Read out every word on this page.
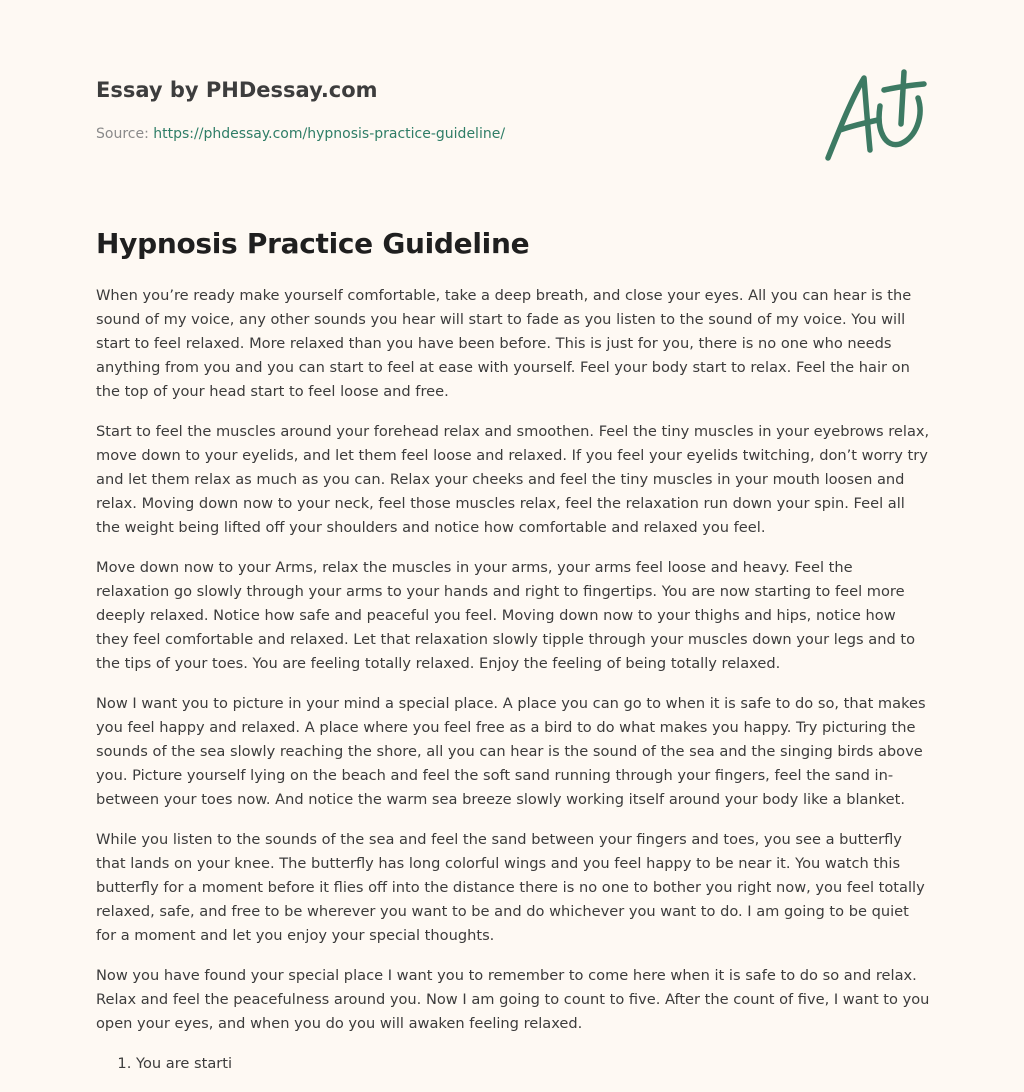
Essay by PHDessay.com
Source: https://phdessay.com/hypnosis-practice-guideline/
Hypnosis Practice Guideline

When you’re ready make yourself comfortable, take a deep breath, and close your eyes. All you can hear is the sound of my voice, any other sounds you hear will start to fade as you listen to the sound of my voice. You will start to feel relaxed. More relaxed than you have been before. This is just for you, there is no one who needs anything from you and you can start to feel at ease with yourself. Feel your body start to relax. Feel the hair on the top of your head start to feel loose and free.

Start to feel the muscles around your forehead relax and smoothen. Feel the tiny muscles in your eyebrows relax, move down to your eyelids, and let them feel loose and relaxed. If you feel your eyelids twitching, don’t worry try and let them relax as much as you can. Relax your cheeks and feel the tiny muscles in your mouth loosen and relax. Moving down now to your neck, feel those muscles relax, feel the relaxation run down your spin. Feel all the weight being lifted off your shoulders and notice how comfortable and relaxed you feel.

Move down now to your Arms, relax the muscles in your arms, your arms feel loose and heavy. Feel the relaxation go slowly through your arms to your hands and right to fingertips. You are now starting to feel more deeply relaxed. Notice how safe and peaceful you feel. Moving down now to your thighs and hips, notice how they feel comfortable and relaxed. Let that relaxation slowly tipple through your muscles down your legs and to the tips of your toes. You are feeling totally relaxed. Enjoy the feeling of being totally relaxed.

Now I want you to picture in your mind a special place. A place you can go to when it is safe to do so, that makes you feel happy and relaxed. A place where you feel free as a bird to do what makes you happy. Try picturing the sounds of the sea slowly reaching the shore, all you can hear is the sound of the sea and the singing birds above you. Picture yourself lying on the beach and feel the soft sand running through your fingers, feel the sand in-between your toes now. And notice the warm sea breeze slowly working itself around your body like a blanket.

While you listen to the sounds of the sea and feel the sand between your fingers and toes, you see a butterfly that lands on your knee. The butterfly has long colorful wings and you feel happy to be near it. You watch this butterfly for a moment before it flies off into the distance there is no one to bother you right now, you feel totally relaxed, safe, and free to be wherever you want to be and do whichever you want to do. I am going to be quiet for a moment and let you enjoy your special thoughts.

Now you have found your special place I want you to remember to come here when it is safe to do so and relax. Relax and feel the peacefulness around you. Now I am going to count to five. After the count of five, I want to you open your eyes, and when you do you will awaken feeling relaxed.

1. You are starti
